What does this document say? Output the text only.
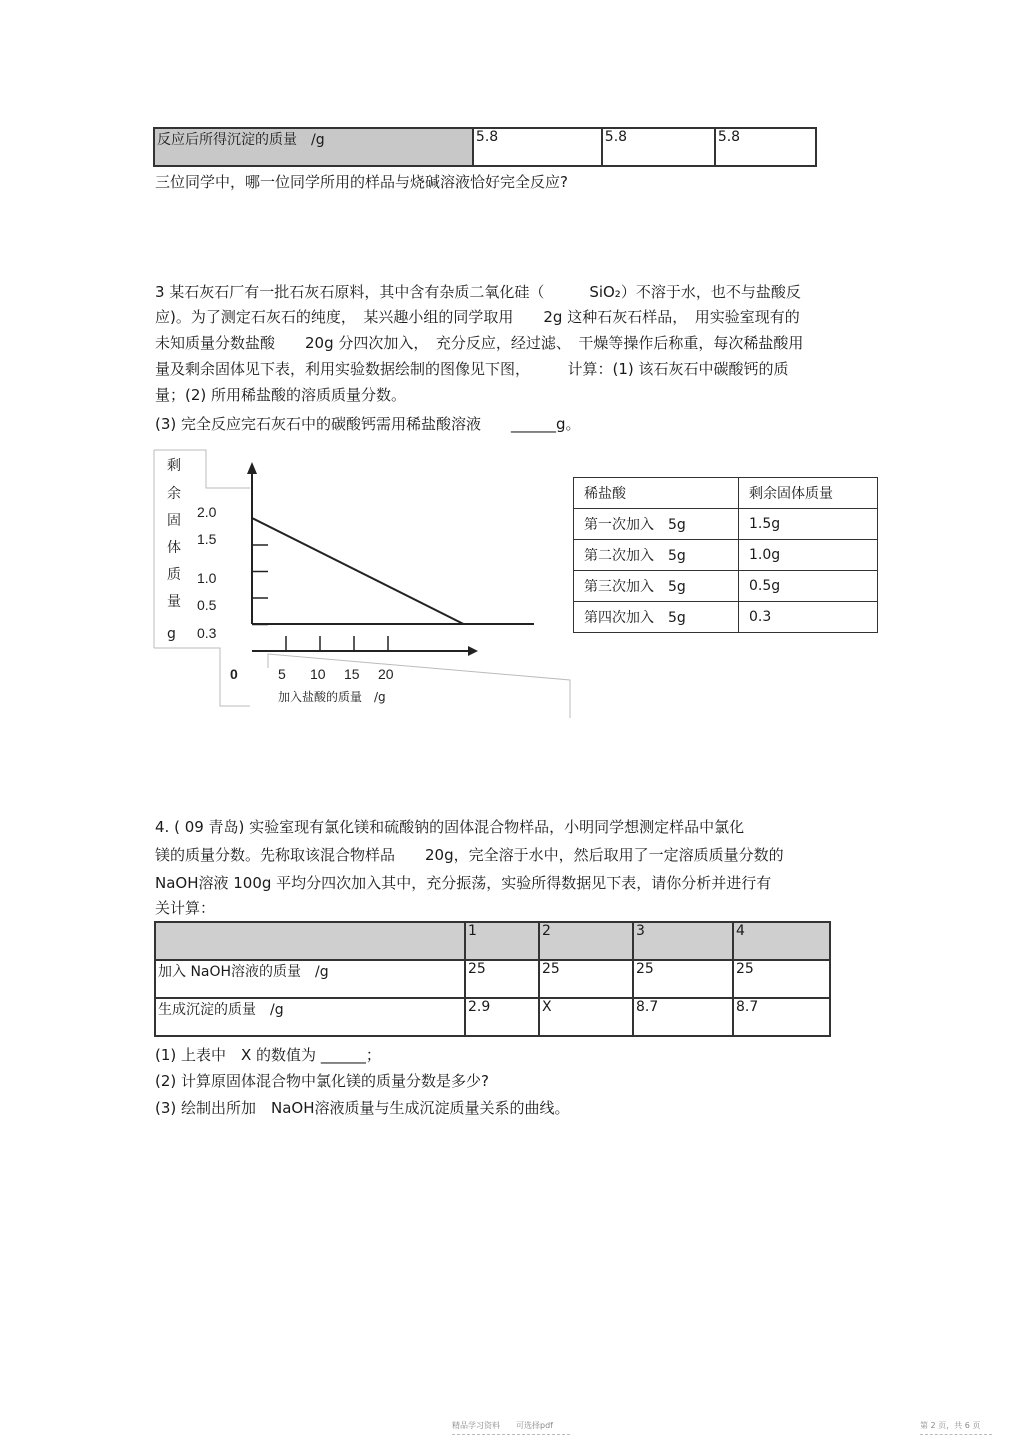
反应后所得沉淀的质量　/g	5.8	5.8	5.8
三位同学中，哪一位同学所用的样品与烧碱溶液恰好完全反应?
3 某石灰石厂有一批石灰石原料，其中含有杂质二氧化硅（　　　SiO₂）不溶于水，也不与盐酸反
应)。为了测定石灰石的纯度，　某兴趣小组的同学取用　　2g 这种石灰石样品，　用实验室现有的
未知质量分数盐酸　　20g 分四次加入，　充分反应，经过滤、　干燥等操作后称重，每次稀盐酸用
量及剩余固体见下表，利用实验数据绘制的图像见下图，　　　计算：(1) 该石灰石中碳酸钙的质
量；(2) 所用稀盐酸的溶质质量分数。
(3) 完全反应完石灰石中的碳酸钙需用稀盐酸溶液　　______g。
2.0
1.5
1.0
0.5
0.3
剩
余
固
体
质
量
g
5 10 15 20
0
加入盐酸的质量　/g
稀盐酸	剩余固体质量
第一次加入　5g	1.5g
第二次加入　5g	1.0g
第三次加入　5g	0.5g
第四次加入　5g	0.3
4. ( 09 青岛) 实验室现有氯化镁和硫酸钠的固体混合物样品，小明同学想测定样品中氯化
镁的质量分数。先称取该混合物样品　　20g，完全溶于水中，然后取用了一定溶质质量分数的
NaOH溶液 100g 平均分四次加入其中，充分振荡，实验所得数据见下表，请你分析并进行有
关计算：
	1	2	3	4
加入 NaOH溶液的质量　/g	25	25	25	25
生成沉淀的质量　/g	2.9	X	8.7	8.7
(1) 上表中　X 的数值为 ______；
(2) 计算原固体混合物中氯化镁的质量分数是多少?
(3) 绘制出所加　NaOH溶液质量与生成沉淀质量关系的曲线。
精品学习资料　　可选择pdf	第 2 页，共 6 页
